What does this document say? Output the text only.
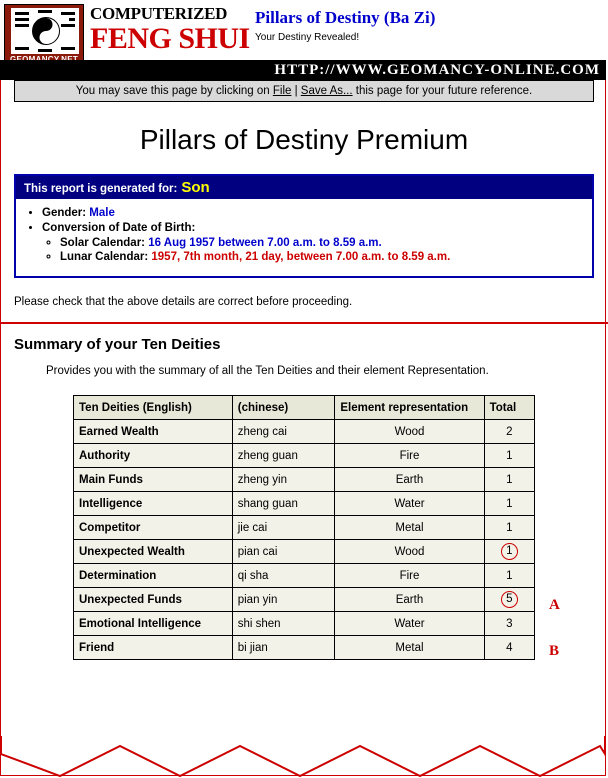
COMPUTERIZED
FENG SHUI
Pillars of Destiny (Ba Zi)
Your Destiny Revealed!
HTTP://WWW.GEOMANCY-ONLINE.COM
You may save this page by clicking on File | Save As... this page for your future reference.
Pillars of Destiny Premium
This report is generated for: Son
• Gender: Male
• Conversion of Date of Birth:
◦ Solar Calendar: 16 Aug 1957 between 7.00 a.m. to 8.59 a.m.
◦ Lunar Calendar: 1957, 7th month, 21 day, between 7.00 a.m. to 8.59 a.m.
Please check that the above details are correct before proceeding.
Summary of your Ten Deities
Provides you with the summary of all the Ten Deities and their element Representation.
Ten Deities (English)	(chinese)	Element representation	Total
Earned Wealth	zheng cai	Wood	2
Authority	zheng guan	Fire	1
Main Funds	zheng yin	Earth	1
Intelligence	shang guan	Water	1
Competitor	jie cai	Metal	1
Unexpected Wealth	pian cai	Wood	1
Determination	qi sha	Fire	1
Unexpected Funds	pian yin	Earth	5
Emotional Intelligence	shi shen	Water	3
Friend	bi jian	Metal	4
A
B
